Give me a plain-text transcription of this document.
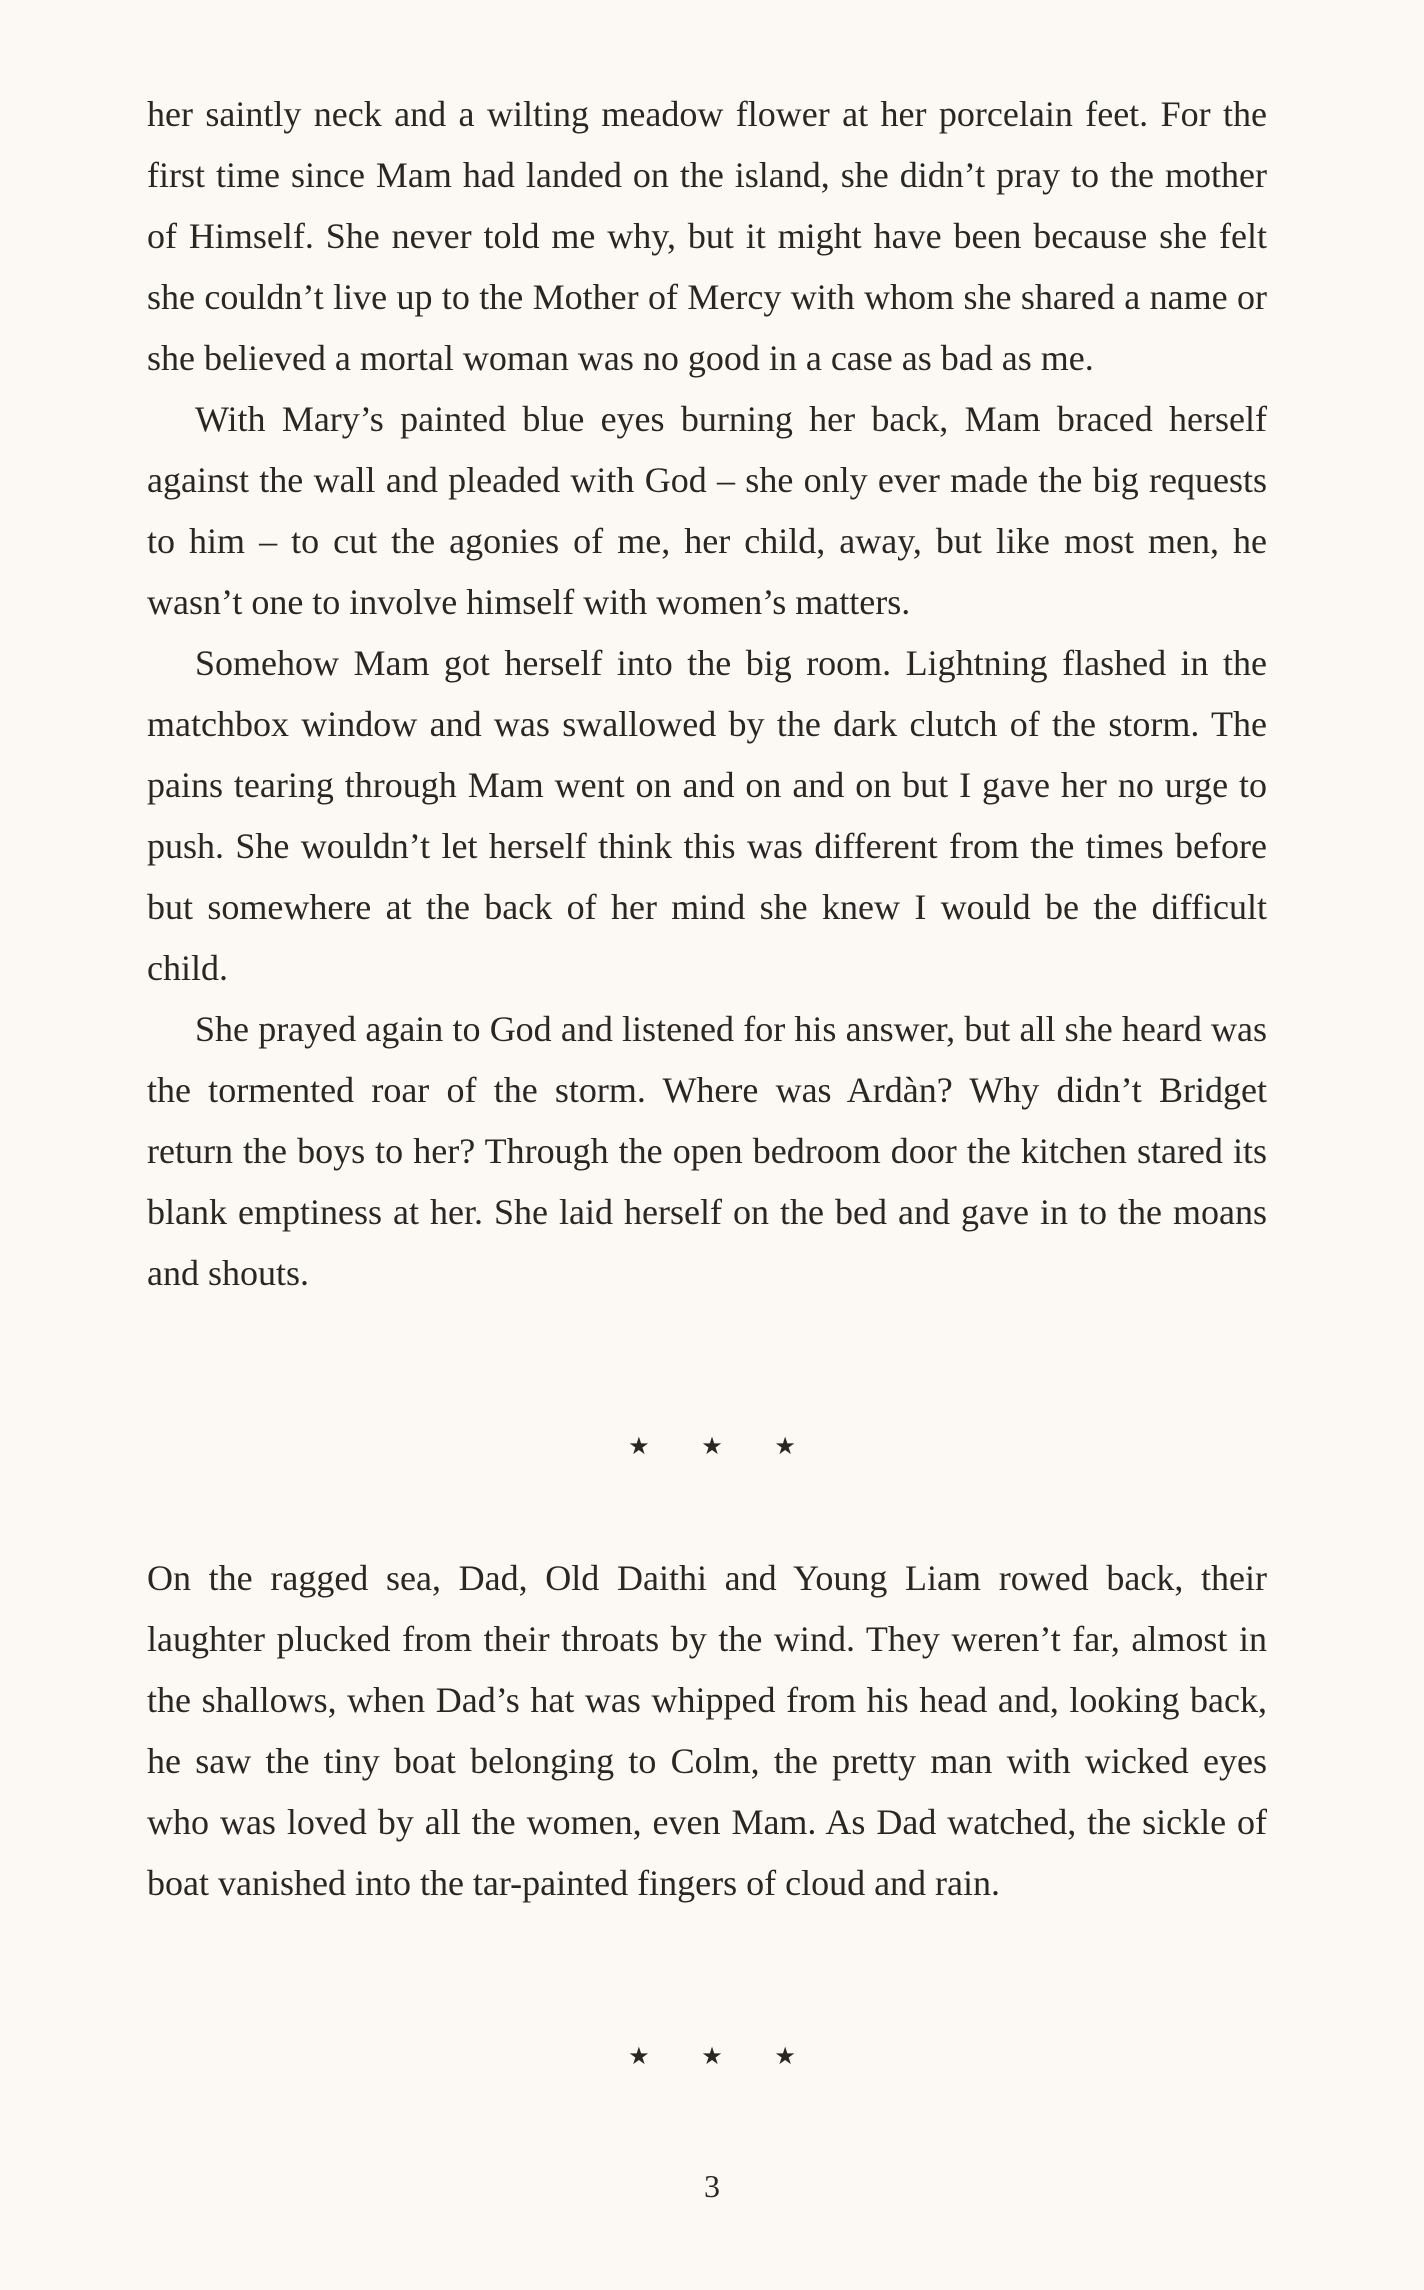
her saintly neck and a wilting meadow flower at her porcelain feet. For the first time since Mam had landed on the island, she didn’t pray to the mother of Himself. She never told me why, but it might have been because she felt she couldn’t live up to the Mother of Mercy with whom she shared a name or she believed a mortal woman was no good in a case as bad as me.

With Mary’s painted blue eyes burning her back, Mam braced herself against the wall and pleaded with God – she only ever made the big requests to him – to cut the agonies of me, her child, away, but like most men, he wasn’t one to involve himself with women’s matters.

Somehow Mam got herself into the big room. Lightning flashed in the matchbox window and was swallowed by the dark clutch of the storm. The pains tearing through Mam went on and on and on but I gave her no urge to push. She wouldn’t let herself think this was different from the times before but somewhere at the back of her mind she knew I would be the difficult child.

She prayed again to God and listened for his answer, but all she heard was the tormented roar of the storm. Where was Ardàn? Why didn’t Bridget return the boys to her? Through the open bedroom door the kitchen stared its blank emptiness at her. She laid herself on the bed and gave in to the moans and shouts.

★ ★ ★

On the ragged sea, Dad, Old Daithi and Young Liam rowed back, their laughter plucked from their throats by the wind. They weren’t far, almost in the shallows, when Dad’s hat was whipped from his head and, looking back, he saw the tiny boat belonging to Colm, the pretty man with wicked eyes who was loved by all the women, even Mam. As Dad watched, the sickle of boat vanished into the tar-painted fingers of cloud and rain.

★ ★ ★
3
